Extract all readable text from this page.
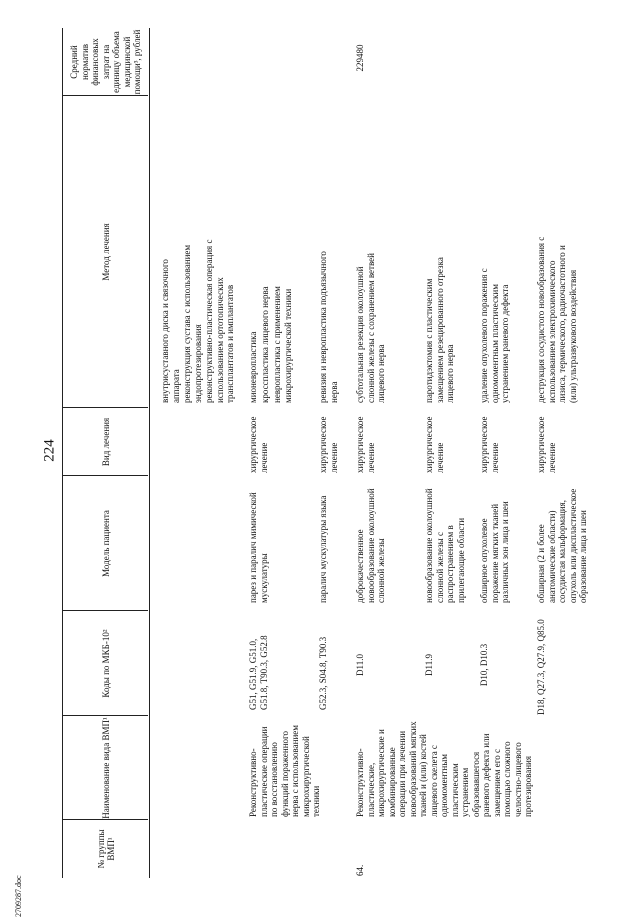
224
2709287.doc
№ группы ВМП¹
Наименование вида ВМП¹
Коды по МКБ-10²
Модель пациента
Вид лечения
Метод лечения
Средний норматив финансовых затрат на единицу объема медицинской помощи³, рублей
внутрисуставного диска и связочного аппарата реконструкция сустава с использованием эндопротезирования реконструктивно-пластическая операция с использованием ортотопических трансплантатов и имплантатов
Реконструктивно-пластические операции по восстановлению функций пораженного нерва с использованием микрохирургической техники
G51, G51.9, G51.0, G51.8, T90.3, G52.8
парез и паралич мимической мускулатуры
хирургическое лечение
мионевропластика кросспластика лицевого нерва невропластика с применением микрохирургической техники
G52.3, S04.8, T90.3
паралич мускулатуры языка
хирургическое лечение
ревизия и невропластика подъязычного нерва
64.
Реконструктивно-пластические, микрохирургические и комбинированные операции при лечении новообразований мягких тканей и (или) костей лицевого скелета с одномоментным пластическим устранением образовавшегося раневого дефекта или замещением его с помощью сложного челюстно-лицевого протезирования
D11.0
доброкачественное новообразование околоушной слюнной железы
хирургическое лечение
субтотальная резекция околоушной слюнной железы с сохранением ветвей лицевого нерва
229480
D11.9
новообразование околоушной слюнной железы с распространением в прилегающие области
хирургическое лечение
паротидэктомия с пластическим замещением резецированного отрезка лицевого нерва
D10, D10.3
обширное опухолевое поражение мягких тканей различных зон лица и шеи
хирургическое лечение
удаление опухолевого поражения с одномоментным пластическим устранением раневого дефекта
D18, Q27.3, Q27.9, Q85.0
обширная (2 и более анатомические области) сосудистая мальформация, опухоль или диспластическое образование лица и шеи
хирургическое лечение
деструкция сосудистого новообразования с использованием электрохимического лизиса, термического, радиочастотного и (или) ультразвукового воздействия
